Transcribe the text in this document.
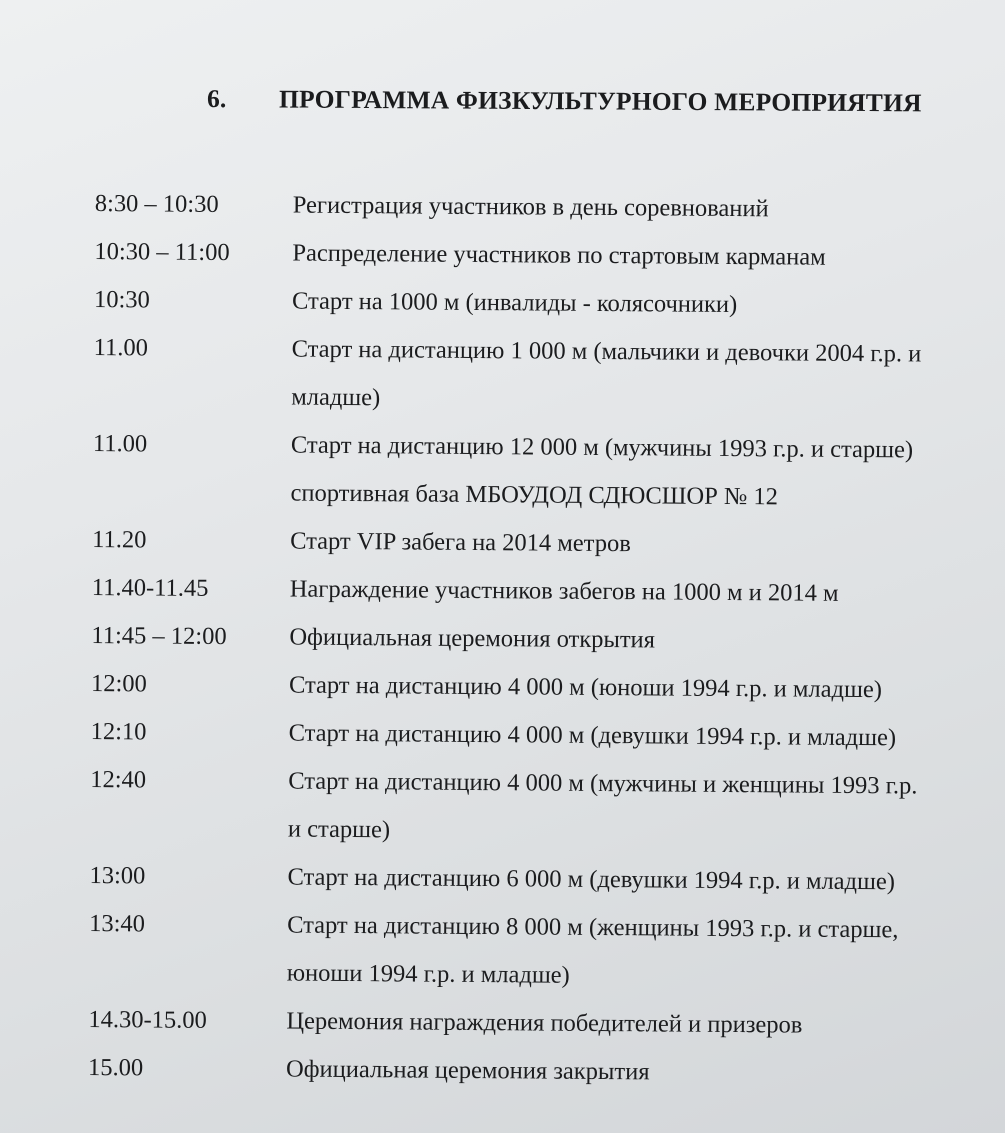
6. ПРОГРАММА ФИЗКУЛЬТУРНОГО МЕРОПРИЯТИЯ
8:30 – 10:30	Регистрация участников в день соревнований
10:30 – 11:00	Распределение участников по стартовым карманам
10:30	Старт на 1000 м (инвалиды - колясочники)
11.00	Старт на дистанцию 1 000 м (мальчики и девочки 2004 г.р. и
младше)
11.00	Старт на дистанцию 12 000 м (мужчины 1993 г.р. и старше)
спортивная база МБОУДОД СДЮСШОР № 12
11.20	Старт VIP забега на 2014 метров
11.40-11.45	Награждение участников забегов на 1000 м и 2014 м
11:45 – 12:00	Официальная церемония открытия
12:00	Старт на дистанцию 4 000 м (юноши 1994 г.р. и младше)
12:10	Старт на дистанцию 4 000 м (девушки 1994 г.р. и младше)
12:40	Старт на дистанцию 4 000 м (мужчины и женщины 1993 г.р.
и старше)
13:00	Старт на дистанцию 6 000 м (девушки 1994 г.р. и младше)
13:40	Старт на дистанцию 8 000 м (женщины 1993 г.р. и старше,
юноши 1994 г.р. и младше)
14.30-15.00	Церемония награждения победителей и призеров
15.00	Официальная церемония закрытия
